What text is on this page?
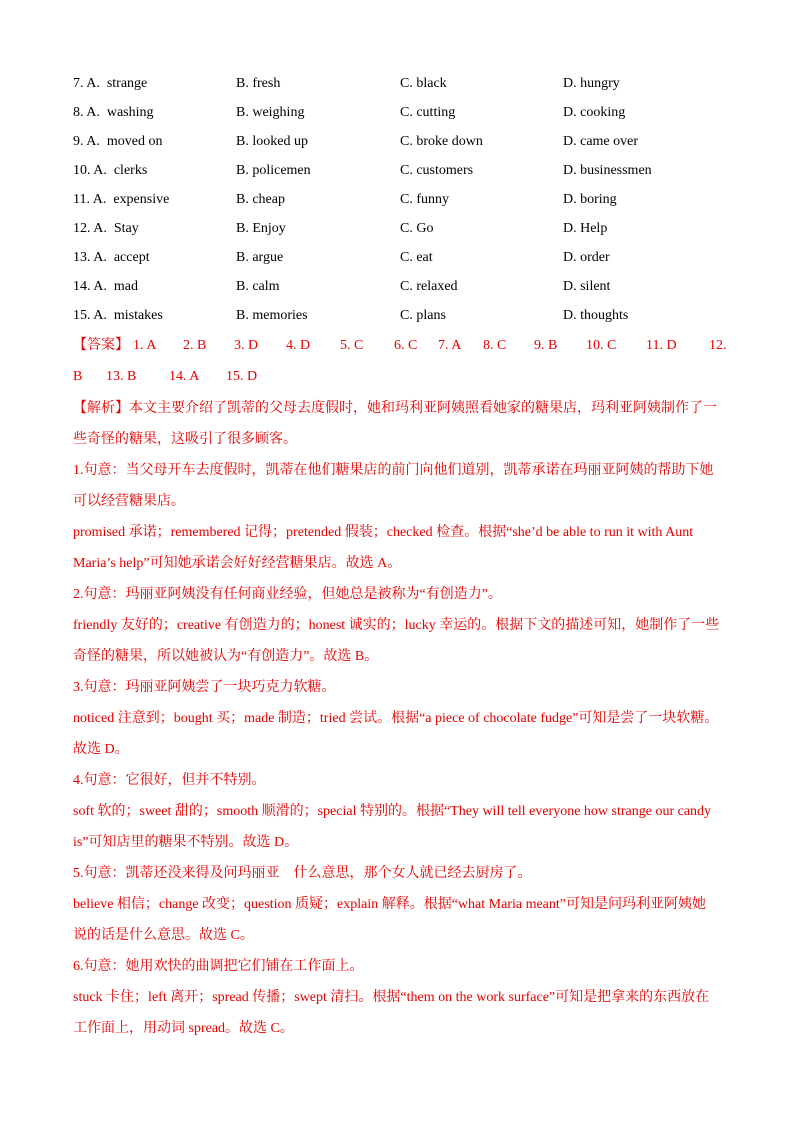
7. A. strange	B. fresh	C. black	D. hungry
8. A. washing	B. weighing	C. cutting	D. cooking
9. A. moved on	B. looked up	C. broke down	D. came over
10. A. clerks	B. policemen	C. customers	D. businessmen
11. A. expensive	B. cheap	C. funny	D. boring
12. A. Stay	B. Enjoy	C. Go	D. Help
13. A. accept	B. argue	C. eat	D. order
14. A. mad	B. calm	C. relaxed	D. silent
15. A. mistakes	B. memories	C. plans	D. thoughts
【答案】 1. A 2. B 3. D 4. D 5. C 6. C 7. A 8. C 9. B 10. C 11. D 12.
B 13. B 14. A 15. D

【解析】本文主要介绍了凯蒂的父母去度假时，她和玛利亚阿姨照看她家的糖果店，玛利亚阿姨制作了一

些奇怪的糖果，这吸引了很多顾客。

1.句意：当父母开车去度假时，凯蒂在他们糖果店的前门向他们道别，凯蒂承诺在玛丽亚阿姨的帮助下她

可以经营糖果店。

promised 承诺；remembered 记得；pretended 假装；checked 检查。根据“she’d be able to run it with Aunt

Maria’s help”可知她承诺会好好经营糖果店。故选 A。

2.句意：玛丽亚阿姨没有任何商业经验，但她总是被称为“有创造力”。

friendly 友好的；creative 有创造力的；honest 诚实的；lucky 幸运的。根据下文的描述可知，她制作了一些

奇怪的糖果，所以她被认为“有创造力”。故选 B。

3.句意：玛丽亚阿姨尝了一块巧克力软糖。

noticed 注意到；bought 买；made 制造；tried 尝试。根据“a piece of chocolate fudge”可知是尝了一块软糖。

故选 D。

4.句意：它很好，但并不特别。

soft 软的；sweet 甜的；smooth 顺滑的；special 特别的。根据“They will tell everyone how strange our candy

is”可知店里的糖果不特别。故选 D。

5.句意：凯蒂还没来得及问玛丽亚　什么意思，那个女人就已经去厨房了。

believe 相信；change 改变；question 质疑；explain 解释。根据“what Maria meant”可知是问玛利亚阿姨她

说的话是什么意思。故选 C。

6.句意：她用欢快的曲调把它们铺在工作面上。

stuck 卡住；left 离开；spread 传播；swept 清扫。根据“them on the work surface”可知是把拿来的东西放在

工作面上，用动词 spread。故选 C。
